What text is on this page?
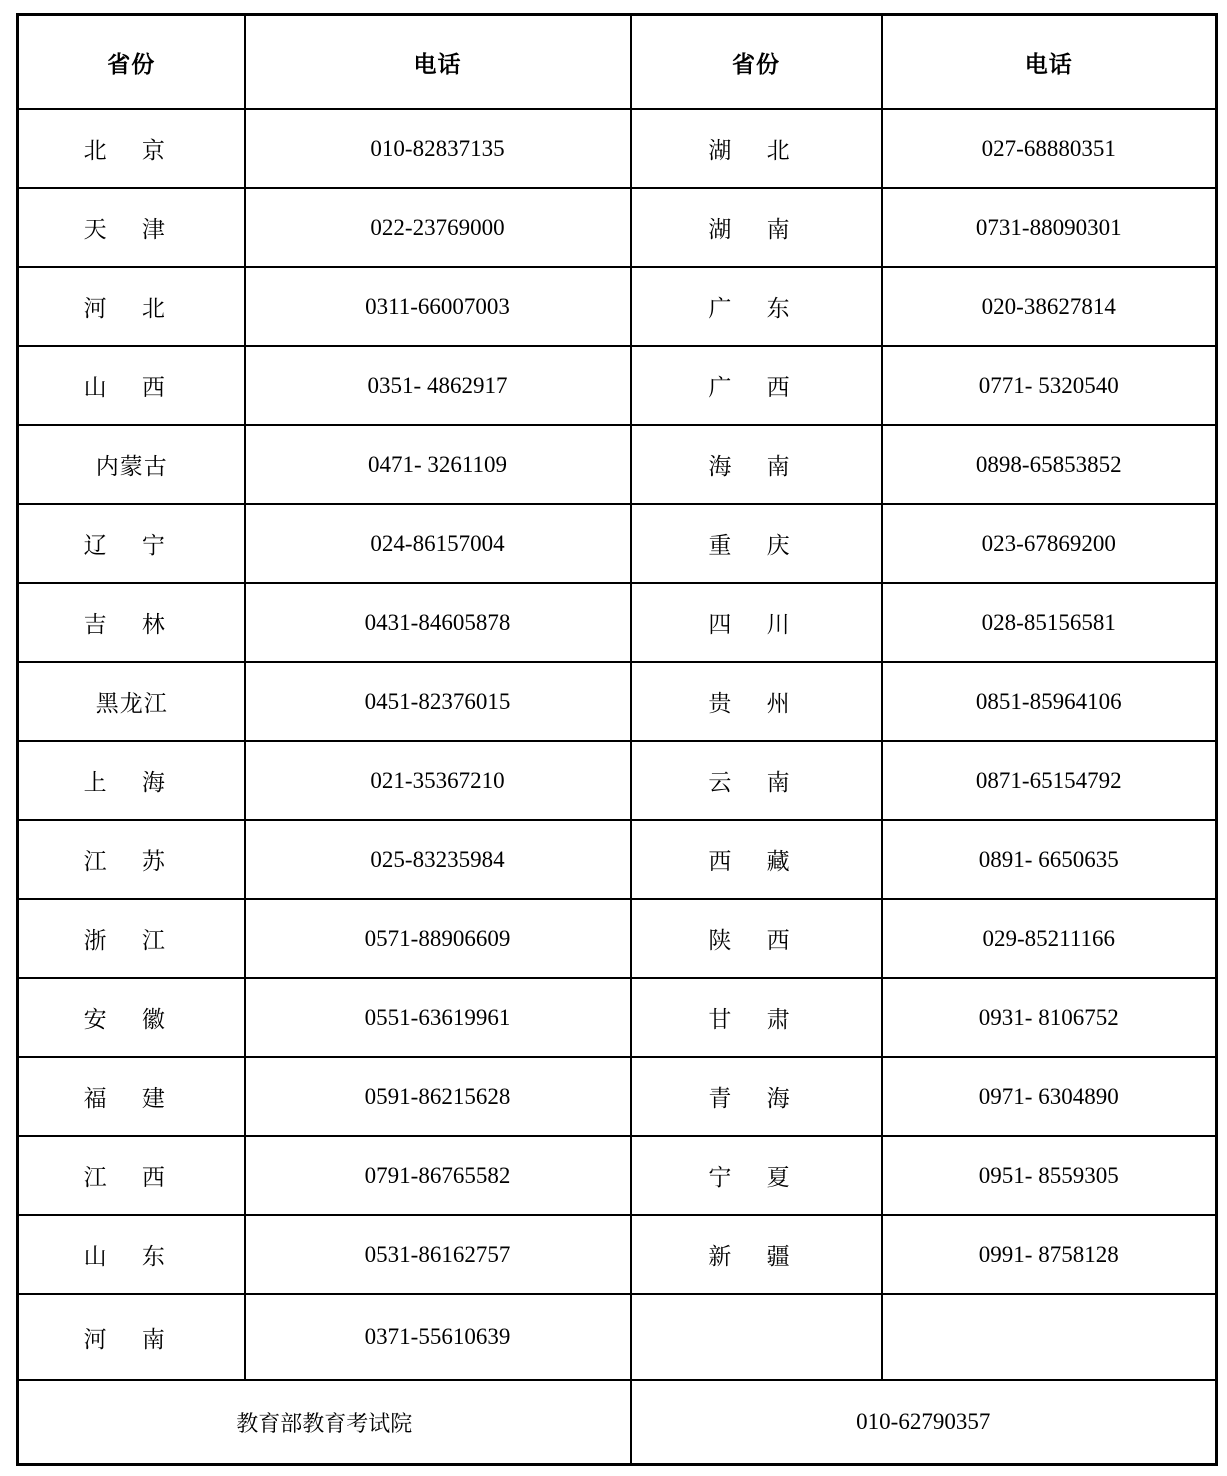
省份	电话	省份	电话
北 京	010-82837135	湖 北	027-68880351
天 津	022-23769000	湖 南	0731-88090301
河 北	0311-66007003	广 东	020-38627814
山 西	0351- 4862917	广 西	0771- 5320540
内蒙古	0471- 3261109	海 南	0898-65853852
辽 宁	024-86157004	重 庆	023-67869200
吉 林	0431-84605878	四 川	028-85156581
黑龙江	0451-82376015	贵 州	0851-85964106
上 海	021-35367210	云 南	0871-65154792
江 苏	025-83235984	西 藏	0891- 6650635
浙 江	0571-88906609	陕 西	029-85211166
安 徽	0551-63619961	甘 肃	0931- 8106752
福 建	0591-86215628	青 海	0971- 6304890
江 西	0791-86765582	宁 夏	0951- 8559305
山 东	0531-86162757	新 疆	0991- 8758128
河 南	0371-55610639		
教育部教育考试院		010-62790357	
